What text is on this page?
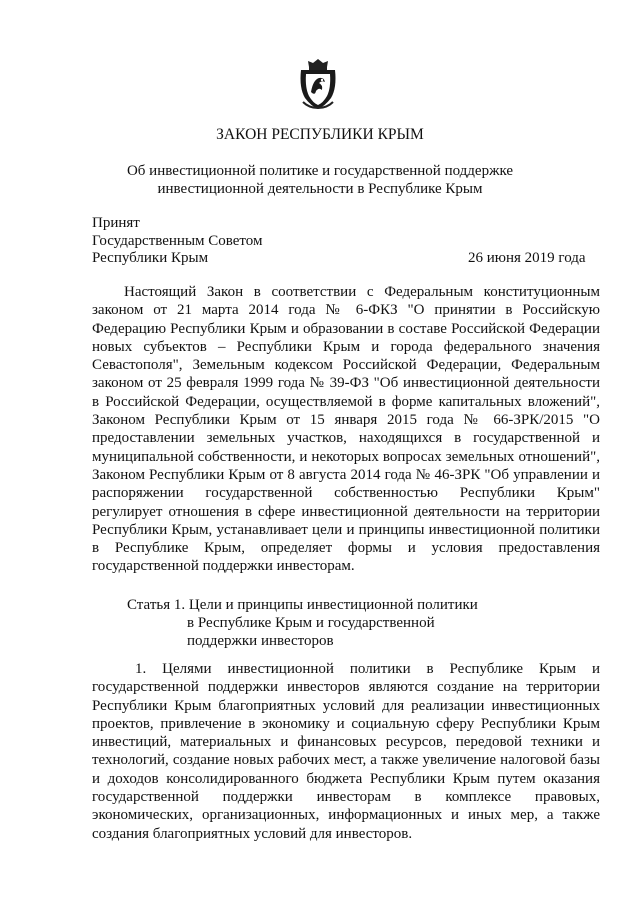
ЗАКОН РЕСПУБЛИКИ КРЫМ
Об инвестиционной политике и государственной поддержке
инвестиционной деятельности в Республике Крым
Принят
Государственным Советом
Республики Крым	26 июня 2019 года
Настоящий Закон в соответствии с Федеральным конституционным законом от 21 марта 2014 года № 6-ФКЗ "О принятии в Российскую Федерацию Республики Крым и образовании в составе Российской Федерации новых субъектов – Республики Крым и города федерального значения Севастополя", Земельным кодексом Российской Федерации, Федеральным законом от 25 февраля 1999 года № 39-ФЗ "Об инвестиционной деятельности в Российской Федерации, осуществляемой в форме капитальных вложений", Законом Республики Крым от 15 января 2015 года № 66-ЗРК/2015 "О предоставлении земельных участков, находящихся в государственной и муниципальной собственности, и некоторых вопросах земельных отношений", Законом Республики Крым от 8 августа 2014 года № 46-ЗРК "Об управлении и распоряжении государственной собственностью Республики Крым" регулирует отношения в сфере инвестиционной деятельности на территории Республики Крым, устанавливает цели и принципы инвестиционной политики в Республике Крым, определяет формы и условия предоставления государственной поддержки инвесторам.
Статья 1. Цели и принципы инвестиционной политики
в Республике Крым и государственной
поддержки инвесторов
1. Целями инвестиционной политики в Республике Крым и государственной поддержки инвесторов являются создание на территории Республики Крым благоприятных условий для реализации инвестиционных проектов, привлечение в экономику и социальную сферу Республики Крым инвестиций, материальных и финансовых ресурсов, передовой техники и технологий, создание новых рабочих мест, а также увеличение налоговой базы и доходов консолидированного бюджета Республики Крым путем оказания государственной поддержки инвесторам в комплексе правовых, экономических, организационных, информационных и иных мер, а также создания благоприятных условий для инвесторов.
